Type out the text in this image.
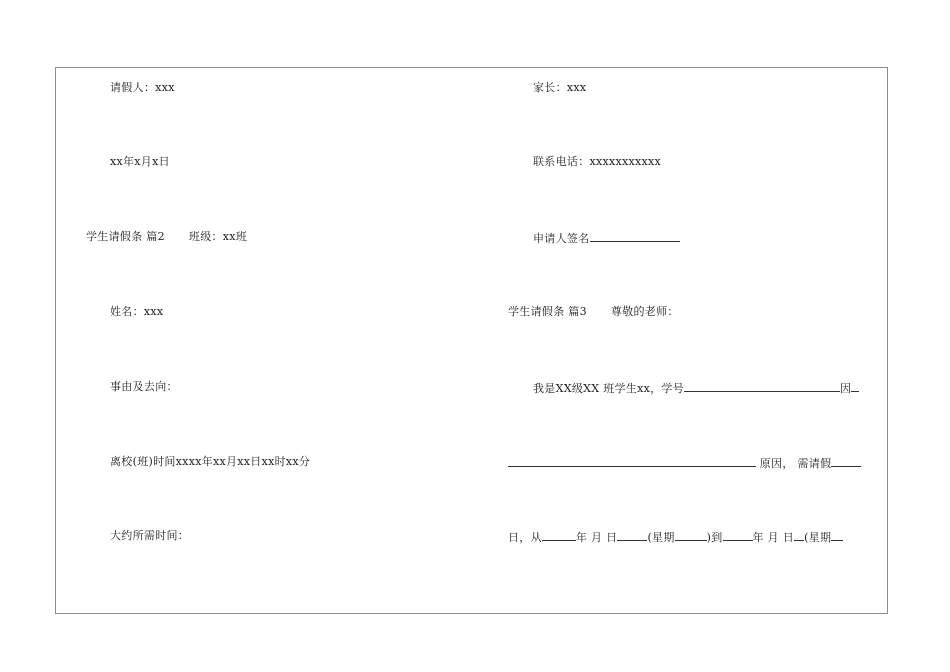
请假人：xxx
xx年x月x日
学生请假条 篇2 班级：xx班
姓名：xxx
事由及去向：
离校(班)时间xxxx年xx月xx日xx时xx分
大约所需时间：
家长：xxx
联系电话：xxxxxxxxxxx
申请人签名
学生请假条 篇3 尊敬的老师：
我是XX级XX 班学生xx，学号	因
原因， 需请假
日，从	年 月 日	(星期	)到	年 月 日 (星期
